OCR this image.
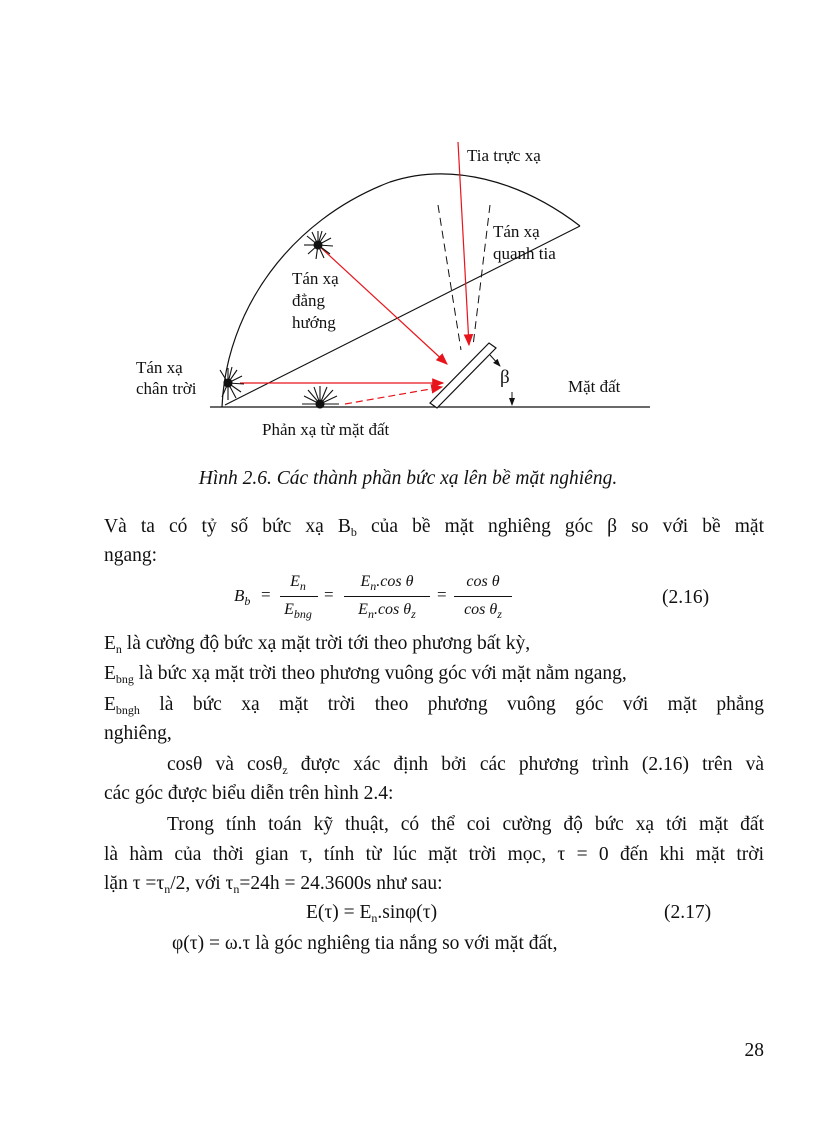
Tia trực xạ
Tán xạ
quanh tia
Tán xạ
đẳng
hướng
Tán xạ
chân trời
β	Mặt đất
Phản xạ từ mặt đất
Hình 2.6. Các thành phần bức xạ lên bề mặt nghiêng.
Và ta có tỷ số bức xạ $B_b$ của bề mặt nghiêng góc β so với bề mặt
ngang:
$B_b$ =
$E_n$
$E_{bng}$
=
$E_n.\cos$ θ
$E_n.\cos$ $\theta_z$
=
cos θ
$\cos \theta_z$
(2.16)
$E_n$ là cường độ bức xạ mặt trời tới theo phương bất kỳ,
$E_{bng}$ là bức xạ mặt trời theo phương vuông góc với mặt nằm ngang,
$E_{bngh}$ là bức xạ mặt trời theo phương vuông góc với mặt phẳng
nghiêng,
cosθ và cosθ$_z$ được xác định bởi các phương trình (2.16) trên và
các góc được biểu diễn trên hình 2.4:
Trong tính toán kỹ thuật, có thể coi cường độ bức xạ tới mặt đất
là hàm của thời gian τ, tính từ lúc mặt trời mọc, τ = 0 đến khi mặt trời
lặn $\tau =\tau_n/2$, với $\tau_n=24h = 24.3600s$ như sau:
$E(\tau) = E_n.\sin\varphi(\tau)$	(2.17)
φ(τ) = ω.τ là góc nghiêng tia nắng so với mặt đất,
28
